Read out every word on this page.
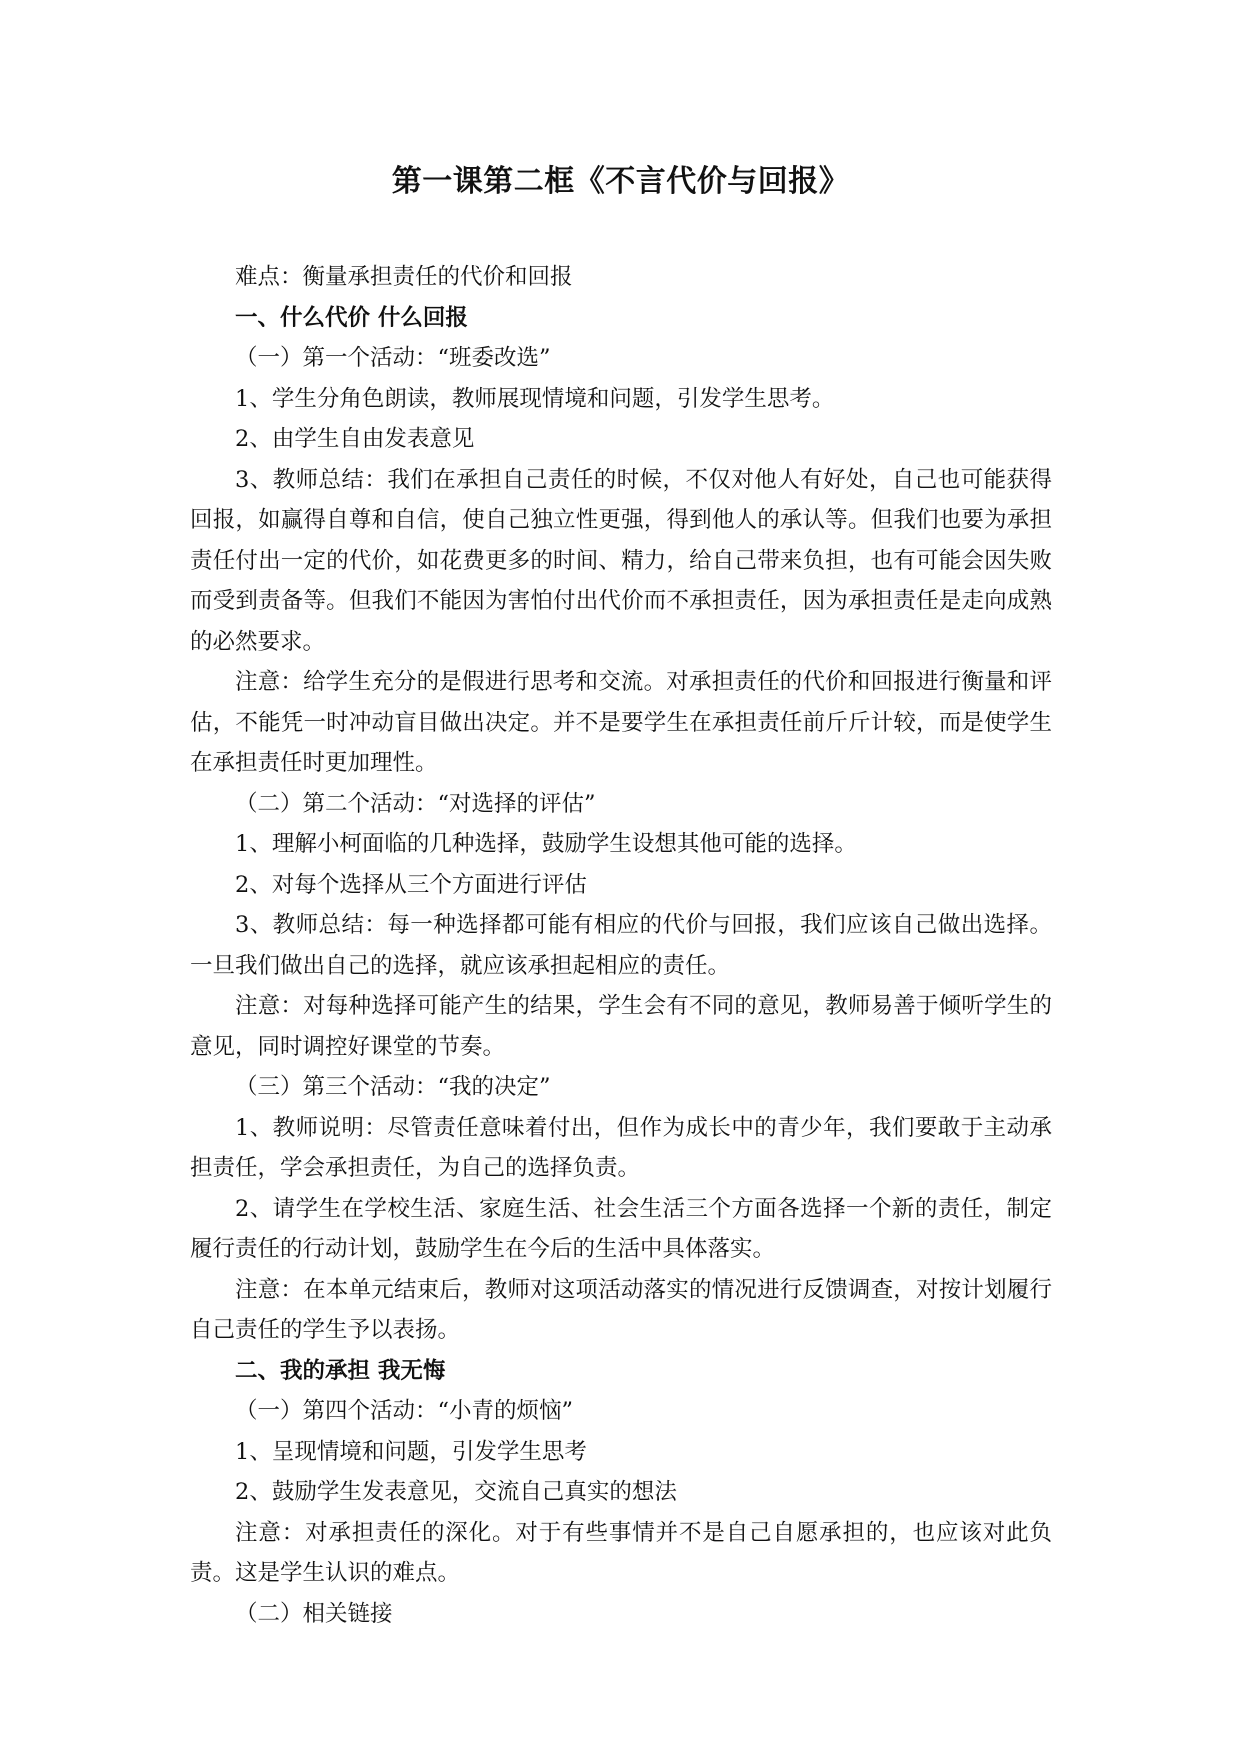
第一课第二框《不言代价与回报》

难点：衡量承担责任的代价和回报

一、什么代价 什么回报

（一）第一个活动：“班委改选”

1、学生分角色朗读，教师展现情境和问题，引发学生思考。

2、由学生自由发表意见

3、教师总结：我们在承担自己责任的时候，不仅对他人有好处，自己也可能获得回报，如赢得自尊和自信，使自己独立性更强，得到他人的承认等。但我们也要为承担责任付出一定的代价，如花费更多的时间、精力，给自己带来负担，也有可能会因失败而受到责备等。但我们不能因为害怕付出代价而不承担责任，因为承担责任是走向成熟的必然要求。

注意：给学生充分的是假进行思考和交流。对承担责任的代价和回报进行衡量和评估，不能凭一时冲动盲目做出决定。并不是要学生在承担责任前斤斤计较，而是使学生在承担责任时更加理性。

（二）第二个活动：“对选择的评估”

1、理解小柯面临的几种选择，鼓励学生设想其他可能的选择。

2、对每个选择从三个方面进行评估

3、教师总结：每一种选择都可能有相应的代价与回报，我们应该自己做出选择。一旦我们做出自己的选择，就应该承担起相应的责任。

注意：对每种选择可能产生的结果，学生会有不同的意见，教师易善于倾听学生的意见，同时调控好课堂的节奏。

（三）第三个活动：“我的决定”

1、教师说明：尽管责任意味着付出，但作为成长中的青少年，我们要敢于主动承担责任，学会承担责任，为自己的选择负责。

2、请学生在学校生活、家庭生活、社会生活三个方面各选择一个新的责任，制定履行责任的行动计划，鼓励学生在今后的生活中具体落实。

注意：在本单元结束后，教师对这项活动落实的情况进行反馈调查，对按计划履行自己责任的学生予以表扬。

二、我的承担 我无悔

（一）第四个活动：“小青的烦恼”

1、呈现情境和问题，引发学生思考

2、鼓励学生发表意见，交流自己真实的想法

注意：对承担责任的深化。对于有些事情并不是自己自愿承担的，也应该对此负责。这是学生认识的难点。

（二）相关链接
